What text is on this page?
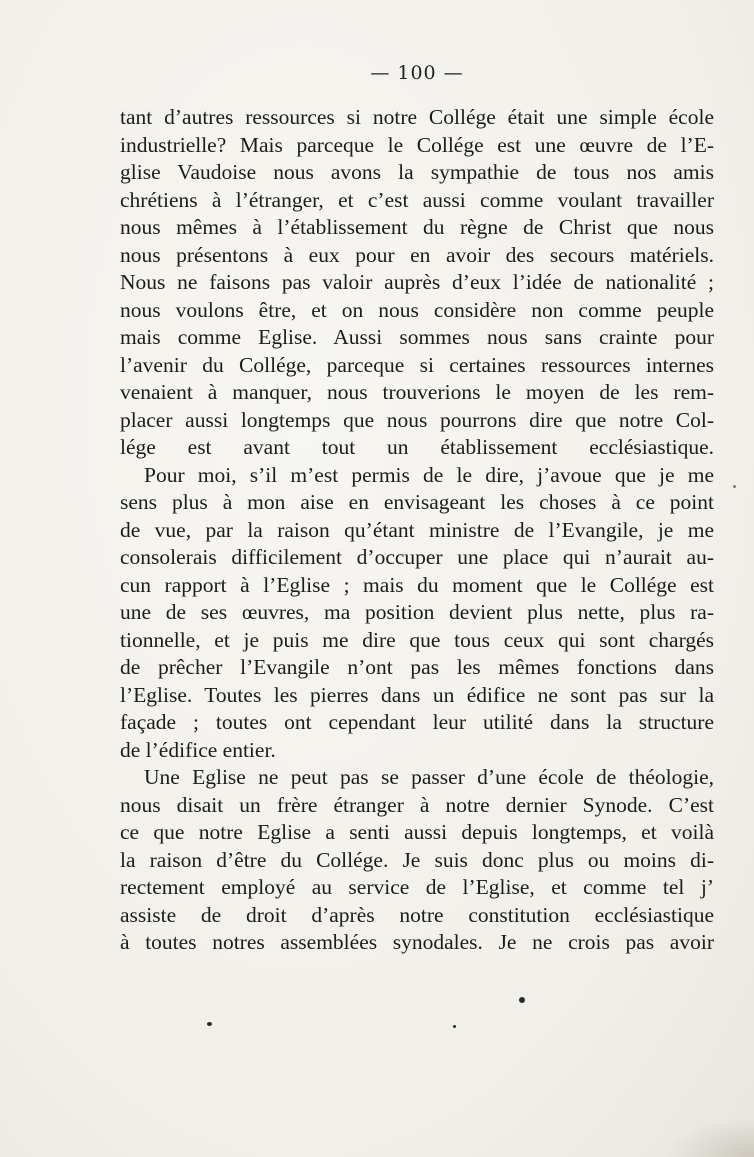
— 100 —
tant d’autres ressources si notre Collége était une simple école
industrielle? Mais parceque le Collége est une œuvre de l’E-
glise Vaudoise nous avons la sympathie de tous nos amis
chrétiens à l’étranger, et c’est aussi comme voulant travailler
nous mêmes à l’établissement du règne de Christ que nous
nous présentons à eux pour en avoir des secours matériels.
Nous ne faisons pas valoir auprès d’eux l’idée de nationalité ;
nous voulons être, et on nous considère non comme peuple
mais comme Eglise. Aussi sommes nous sans crainte pour
l’avenir du Collége, parceque si certaines ressources internes
venaient à manquer, nous trouverions le moyen de les rem-
placer aussi longtemps que nous pourrons dire que notre Col-
lége est avant tout un établissement ecclésiastique.
Pour moi, s’il m’est permis de le dire, j’avoue que je me
sens plus à mon aise en envisageant les choses à ce point
de vue, par la raison qu’étant ministre de l’Evangile, je me
consolerais difficilement d’occuper une place qui n’aurait au-
cun rapport à l’Eglise ; mais du moment que le Collége est
une de ses œuvres, ma position devient plus nette, plus ra-
tionnelle, et je puis me dire que tous ceux qui sont chargés
de prêcher l’Evangile n’ont pas les mêmes fonctions dans
l’Eglise. Toutes les pierres dans un édifice ne sont pas sur la
façade ; toutes ont cependant leur utilité dans la structure
de l’édifice entier.
Une Eglise ne peut pas se passer d’une école de théologie,
nous disait un frère étranger à notre dernier Synode. C’est
ce que notre Eglise a senti aussi depuis longtemps, et voilà
la raison d’être du Collége. Je suis donc plus ou moins di-
rectement employé au service de l’Eglise, et comme tel j’
assiste de droit d’après notre constitution ecclésiastique
à toutes notres assemblées synodales. Je ne crois pas avoir
